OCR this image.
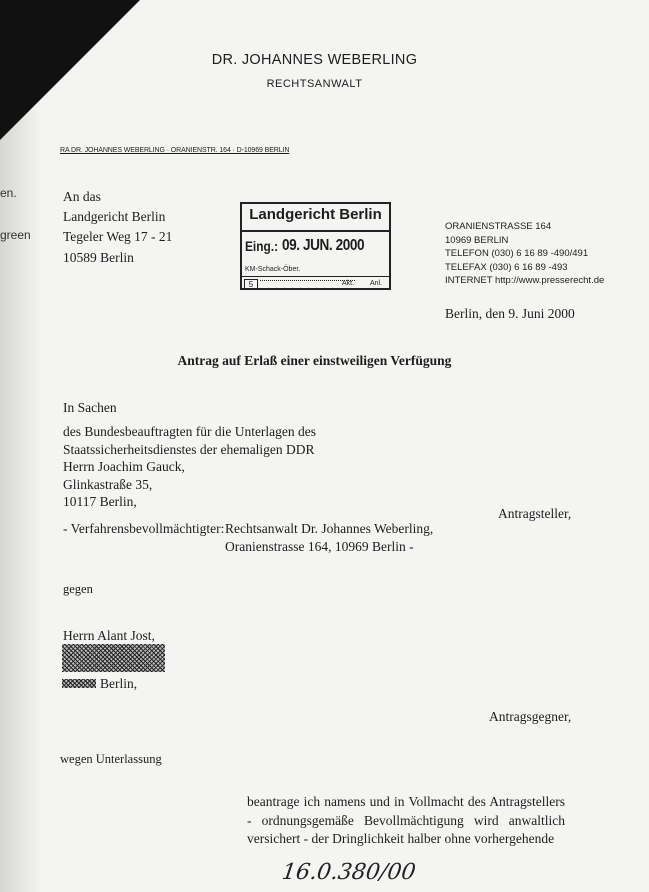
en.
green
DR. JOHANNES WEBERLING
RECHTSANWALT
RA DR. JOHANNES WEBERLING · ORANIENSTR. 164 · D-10969 BERLIN
An das
Landgericht Berlin
Tegeler Weg 17 - 21
10589 Berlin
Landgericht Berlin
Eing.: 09. JUN. 2000
KM-Schack-Öber.
5	Akt. Anl.
ORANIENSTRASSE 164
10969 BERLIN
TELEFON (030) 6 16 89 -490/491
TELEFAX (030) 6 16 89 -493
INTERNET http://www.presserecht.de
Berlin, den 9. Juni 2000
Antrag auf Erlaß einer einstweiligen Verfügung
In Sachen
des Bundesbeauftragten für die Unterlagen des
Staatssicherheitsdienstes der ehemaligen DDR
Herrn Joachim Gauck,
Glinkastraße 35,
10117 Berlin,
Antragsteller,
- Verfahrensbevollmächtigter: Rechtsanwalt Dr. Johannes Weberling,
Oranienstrasse 164, 10969 Berlin -
gegen
Herrn Alant Jost,
Berlin,
Antragsgegner,
wegen Unterlassung
beantrage ich namens und in Vollmacht des Antragstellers - ordnungsgemäße Bevollmächtigung wird anwaltlich versichert - der Dringlichkeit halber ohne vorhergehende
16.0.380/00
